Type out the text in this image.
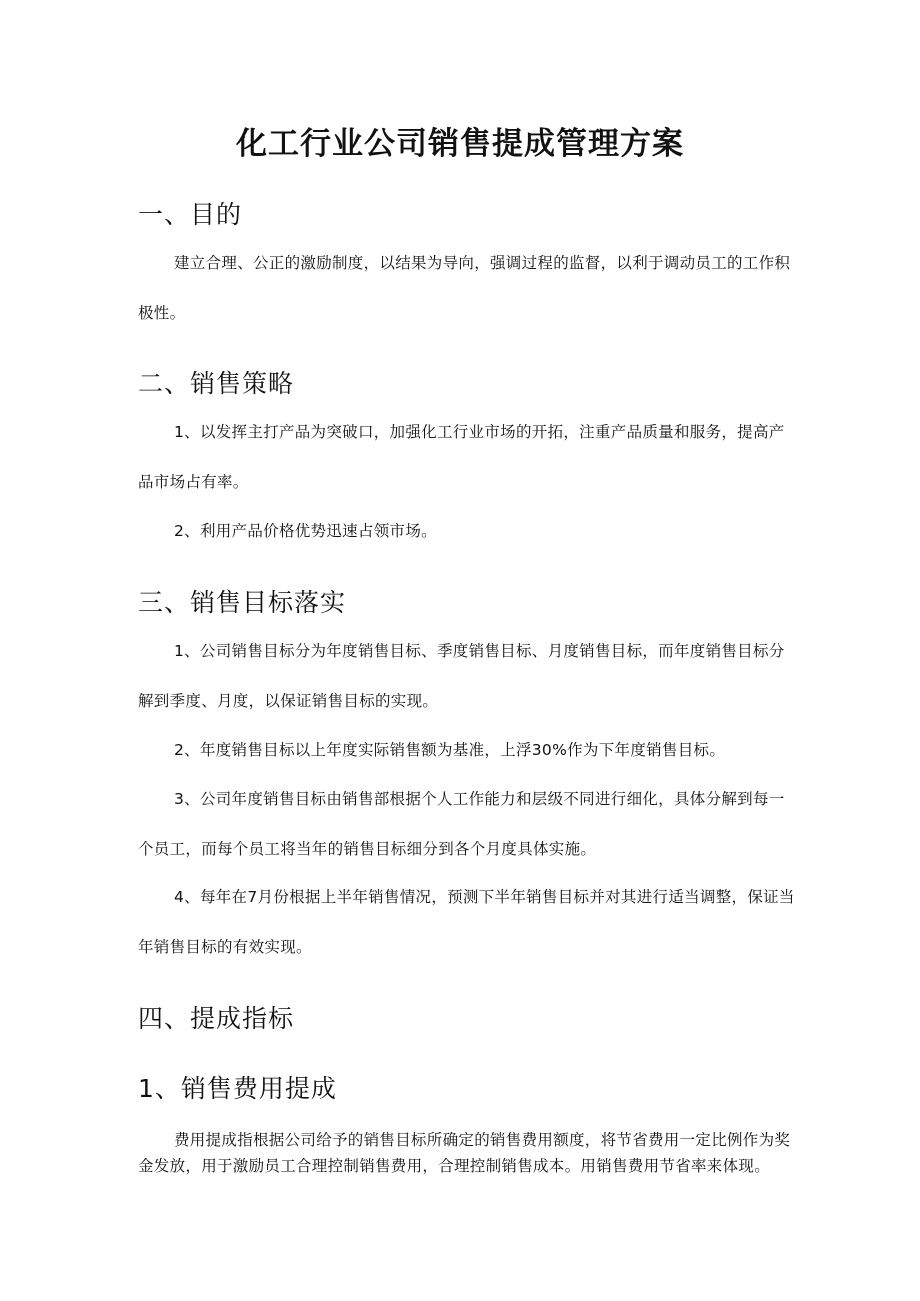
化工行业公司销售提成管理方案
一、目的

建立合理、公正的激励制度，以结果为导向，强调过程的监督，以利于调动员工的工作积极性。

二、销售策略

1、以发挥主打产品为突破口，加强化工行业市场的开拓，注重产品质量和服务，提高产品市场占有率。

2、利用产品价格优势迅速占领市场。

三、销售目标落实

1、公司销售目标分为年度销售目标、季度销售目标、月度销售目标，而年度销售目标分解到季度、月度，以保证销售目标的实现。

2、年度销售目标以上年度实际销售额为基准，上浮30%作为下年度销售目标。

3、公司年度销售目标由销售部根据个人工作能力和层级不同进行细化，具体分解到每一个员工，而每个员工将当年的销售目标细分到各个月度具体实施。

4、每年在7月份根据上半年销售情况，预测下半年销售目标并对其进行适当调整，保证当年销售目标的有效实现。

四、提成指标
1、销售费用提成

费用提成指根据公司给予的销售目标所确定的销售费用额度，将节省费用一定比例作为奖金发放，用于激励员工合理控制销售费用，合理控制销售成本。用销售费用节省率来体现。
